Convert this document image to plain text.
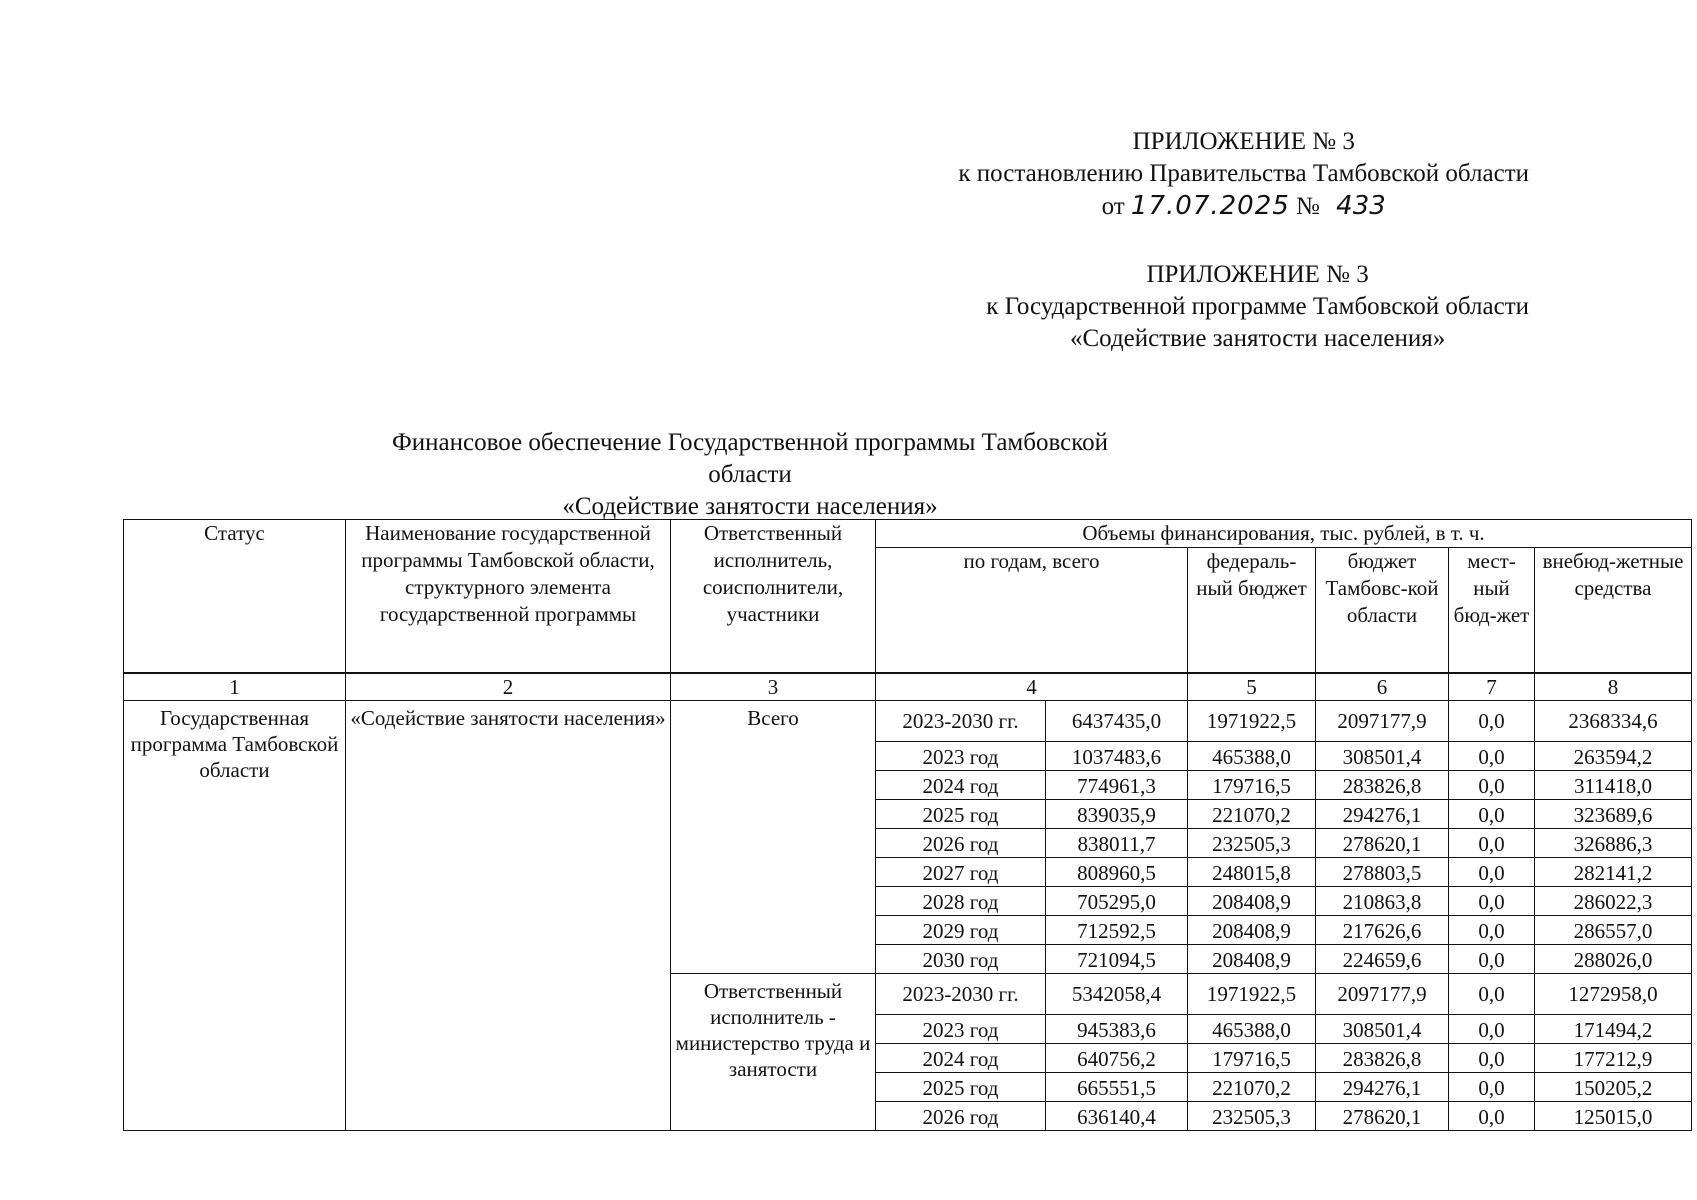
ПРИЛОЖЕНИЕ № 3
к постановлению Правительства Тамбовской области
от 17.07.2025 № 433
ПРИЛОЖЕНИЕ № 3
к Государственной программе Тамбовской области
«Содействие занятости населения»
Финансовое обеспечение Государственной программы Тамбовской области
«Содействие занятости населения»
Статус	Наименование государственной программы Тамбовской области, структурного элемента государственной программы	Ответственный исполнитель, соисполнители, участники	Объемы финансирования, тыс. рублей, в т. ч.					
			по годам, всего		федераль-ный бюджет	бюджет Тамбовс-кой области	мест-ный бюд-жет	внебюд-жетные средства
1	2	3	4		5	6	7	8
Государственная программа Тамбовской области	«Содействие занятости населения»	Всего	2023-2030 гг.	6437435,0	1971922,5	2097177,9	0,0	2368334,6
			2023 год	1037483,6	465388,0	308501,4	0,0	263594,2
			2024 год	774961,3	179716,5	283826,8	0,0	311418,0
			2025 год	839035,9	221070,2	294276,1	0,0	323689,6
			2026 год	838011,7	232505,3	278620,1	0,0	326886,3
			2027 год	808960,5	248015,8	278803,5	0,0	282141,2
			2028 год	705295,0	208408,9	210863,8	0,0	286022,3
			2029 год	712592,5	208408,9	217626,6	0,0	286557,0
			2030 год	721094,5	208408,9	224659,6	0,0	288026,0
		Ответственный исполнитель - министерство труда и занятости	2023-2030 гг.	5342058,4	1971922,5	2097177,9	0,0	1272958,0
			2023 год	945383,6	465388,0	308501,4	0,0	171494,2
			2024 год	640756,2	179716,5	283826,8	0,0	177212,9
			2025 год	665551,5	221070,2	294276,1	0,0	150205,2
			2026 год	636140,4	232505,3	278620,1	0,0	125015,0
